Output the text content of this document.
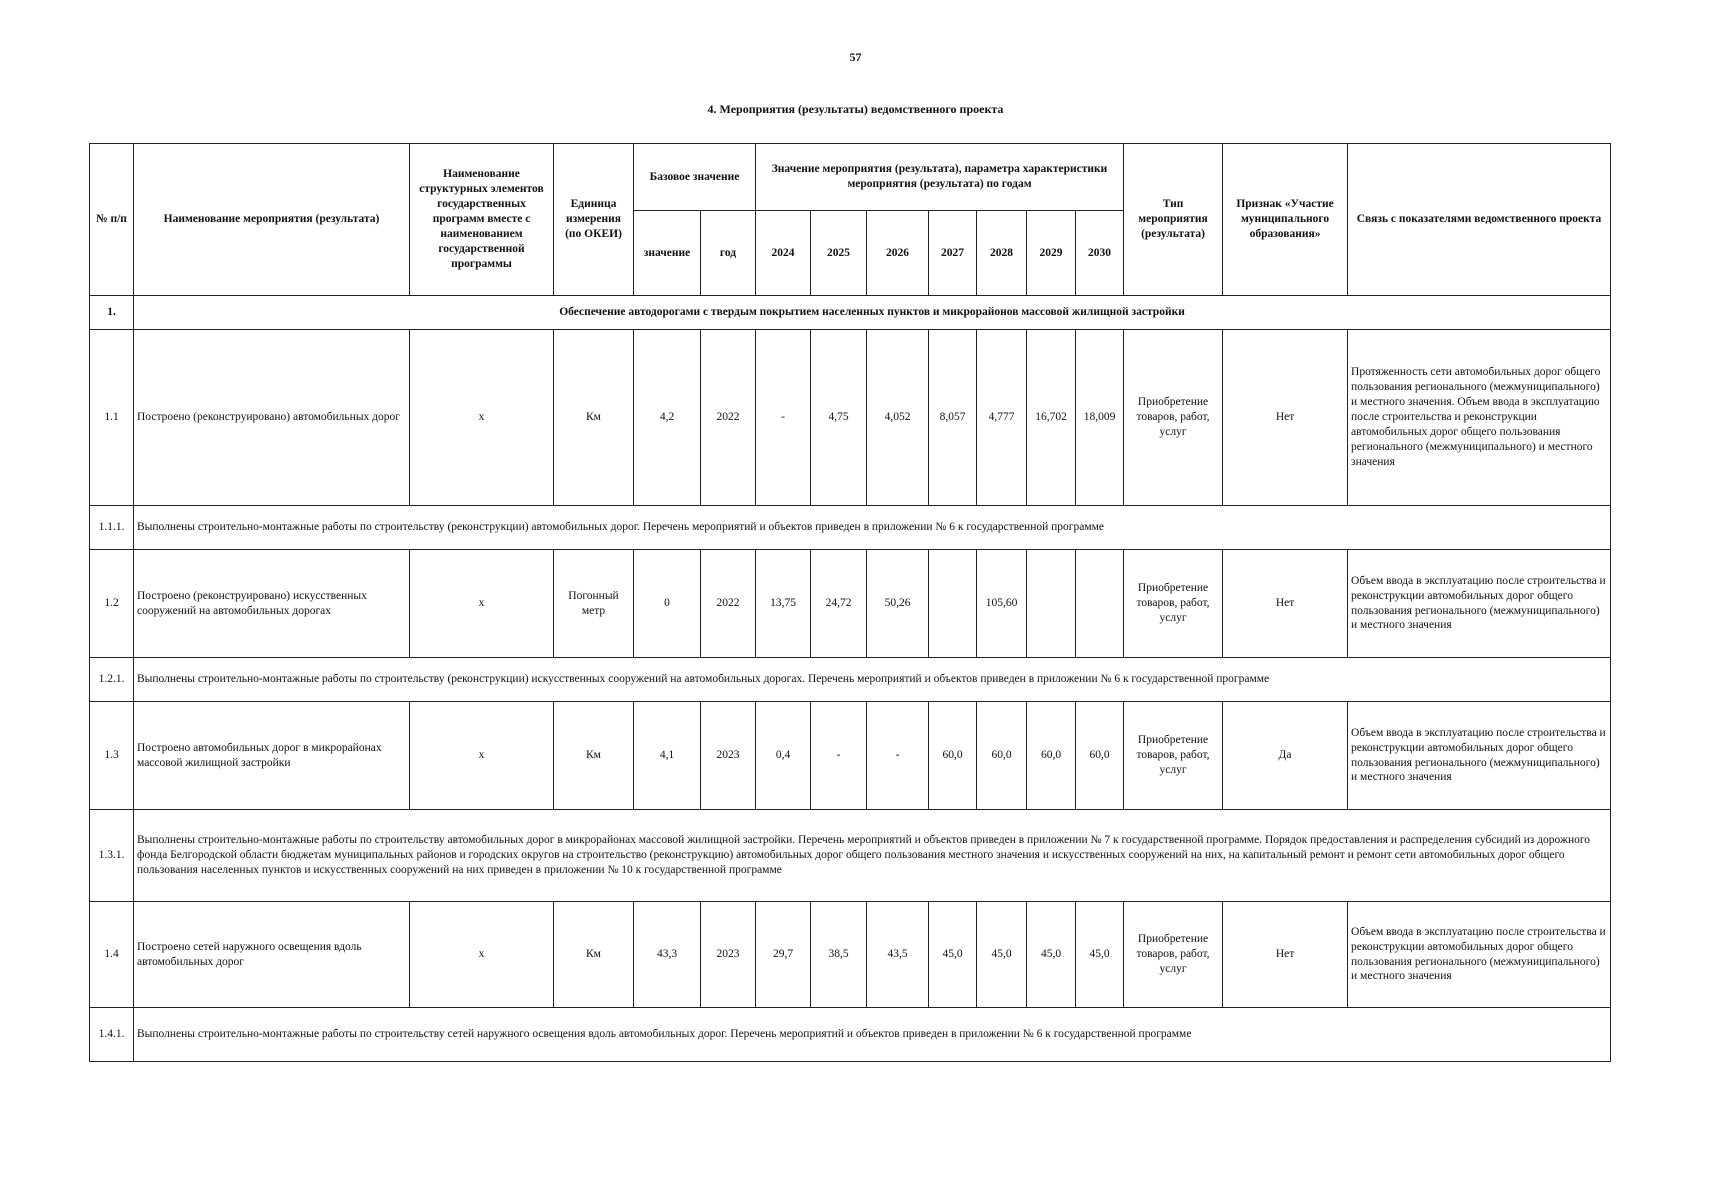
57
4. Мероприятия (результаты) ведомственного проекта
№ п/п	Наименование мероприятия (результата)	Наименование структурных элементов государственных программ вместе с наименованием государственной программы	Единица измерения (по ОКЕИ)	Базовое значение		Значение мероприятия (результата), параметра характеристики мероприятия (результата) по годам							Тип мероприятия (результата)	Признак «Участие муниципального образования»	Связь с показателями ведомственного проекта
				значение	год	2024	2025	2026	2027	2028	2029	2030			
1.	Обеспечение автодорогами с твердым покрытием населенных пунктов и микрорайонов массовой жилищной застройки														
1.1	Построено (реконструировано) автомобильных дорог	х	Км	4,2	2022	-	4,75	4,052	8,057	4,777	16,702	18,009	Приобретение товаров, работ, услуг	Нет	Протяженность сети автомобильных дорог общего пользования регионального (межмуниципального) и местного значения. Объем ввода в эксплуатацию после строительства и реконструкции автомобильных дорог общего пользования регионального (межмуниципального) и местного значения
1.1.1.	Выполнены строительно-монтажные работы по строительству (реконструкции) автомобильных дорог. Перечень мероприятий и объектов приведен в приложении № 6 к государственной программе														
1.2	Построено (реконструировано) искусственных сооружений на автомобильных дорогах	х	Погонный метр	0	2022	13,75	24,72	50,26		105,60			Приобретение товаров, работ, услуг	Нет	Объем ввода в эксплуатацию после строительства и реконструкции автомобильных дорог общего пользования регионального (межмуниципального) и местного значения
1.2.1.	Выполнены строительно-монтажные работы по строительству (реконструкции) искусственных сооружений на автомобильных дорогах. Перечень мероприятий и объектов приведен в приложении № 6 к государственной программе														
1.3	Построено автомобильных дорог в микрорайонах массовой жилищной застройки	х	Км	4,1	2023	0,4	-	-	60,0	60,0	60,0	60,0	Приобретение товаров, работ, услуг	Да	Объем ввода в эксплуатацию после строительства и реконструкции автомобильных дорог общего пользования регионального (межмуниципального) и местного значения
1.3.1.	Выполнены строительно-монтажные работы по строительству автомобильных дорог в микрорайонах массовой жилищной застройки. Перечень мероприятий и объектов приведен в приложении № 7 к государственной программе. Порядок предоставления и распределения субсидий из дорожного фонда Белгородской области бюджетам муниципальных районов и городских округов на строительство (реконструкцию) автомобильных дорог общего пользования местного значения и искусственных сооружений на них, на капитальный ремонт и ремонт сети автомобильных дорог общего пользования населенных пунктов и искусственных сооружений на них приведен в приложении № 10 к государственной программе														
1.4	Построено сетей наружного освещения вдоль автомобильных дорог	х	Км	43,3	2023	29,7	38,5	43,5	45,0	45,0	45,0	45,0	Приобретение товаров, работ, услуг	Нет	Объем ввода в эксплуатацию после строительства и реконструкции автомобильных дорог общего пользования регионального (межмуниципального) и местного значения
1.4.1.	Выполнены строительно-монтажные работы по строительству сетей наружного освещения вдоль автомобильных дорог. Перечень мероприятий и объектов приведен в приложении № 6 к государственной программе														
